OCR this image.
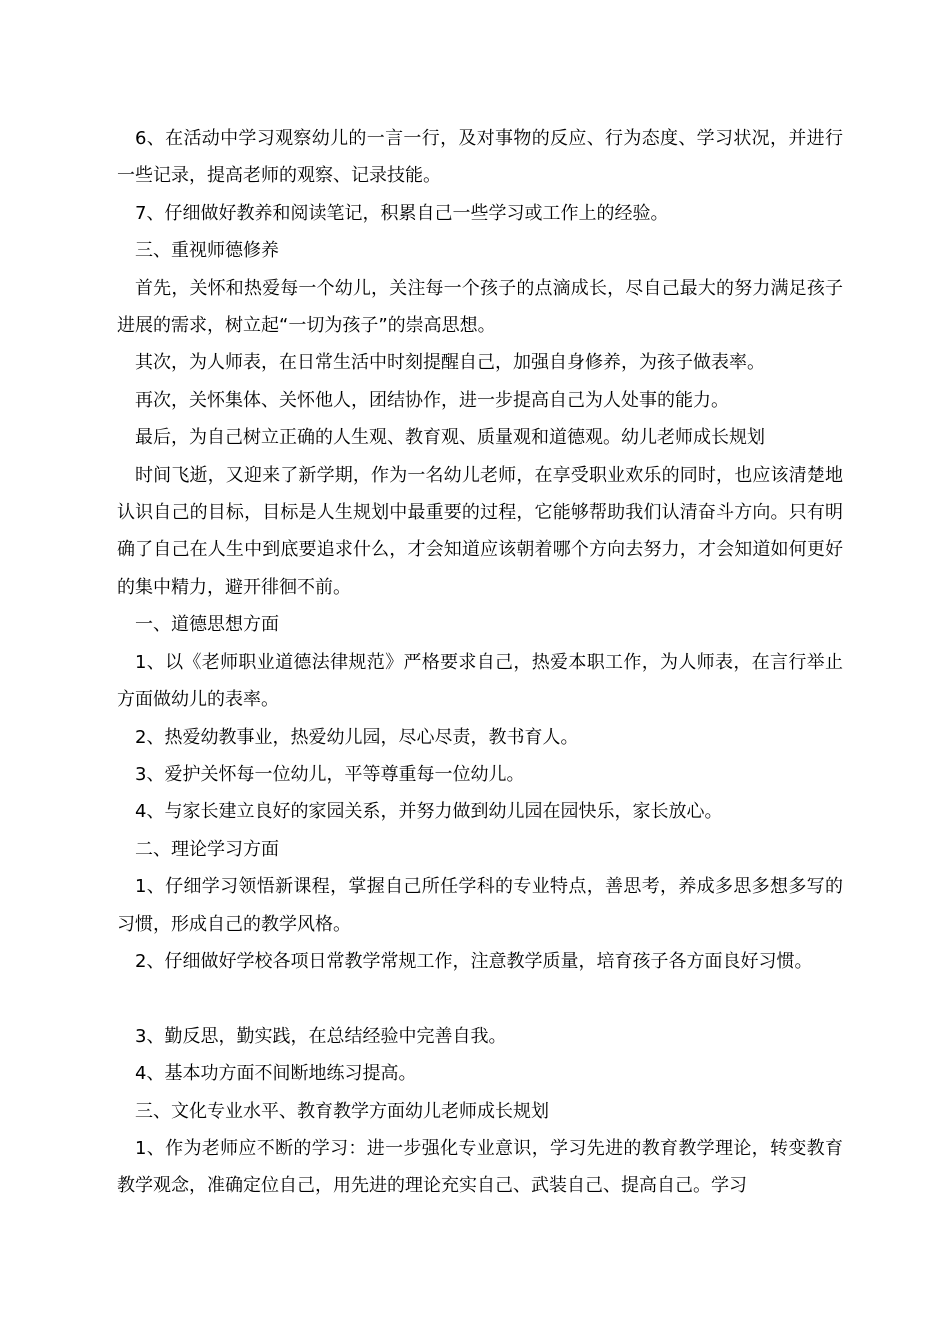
6、在活动中学习观察幼儿的一言一行，及对事物的反应、行为态度、学习状况，并进行一些记录，提高老师的观察、记录技能。

7、仔细做好教养和阅读笔记，积累自己一些学习或工作上的经验。

三、重视师德修养

首先，关怀和热爱每一个幼儿，关注每一个孩子的点滴成长，尽自己最大的努力满足孩子进展的需求，树立起“一切为孩子”的崇高思想。

其次，为人师表，在日常生活中时刻提醒自己，加强自身修养，为孩子做表率。

再次，关怀集体、关怀他人，团结协作，进一步提高自己为人处事的能力。

最后，为自己树立正确的人生观、教育观、质量观和道德观。幼儿老师成长规划

时间飞逝，又迎来了新学期，作为一名幼儿老师，在享受职业欢乐的同时，也应该清楚地认识自己的目标，目标是人生规划中最重要的过程，它能够帮助我们认清奋斗方向。只有明确了自己在人生中到底要追求什么，才会知道应该朝着哪个方向去努力，才会知道如何更好的集中精力，避开徘徊不前。

一、道德思想方面

1、以《老师职业道德法律规范》严格要求自己，热爱本职工作，为人师表，在言行举止方面做幼儿的表率。

2、热爱幼教事业，热爱幼儿园，尽心尽责，教书育人。

3、爱护关怀每一位幼儿，平等尊重每一位幼儿。

4、与家长建立良好的家园关系，并努力做到幼儿园在园快乐，家长放心。

二、理论学习方面

1、仔细学习领悟新课程，掌握自己所任学科的专业特点，善思考，养成多思多想多写的习惯，形成自己的教学风格。

2、仔细做好学校各项日常教学常规工作，注意教学质量，培育孩子各方面良好习惯。

3、勤反思，勤实践，在总结经验中完善自我。

4、基本功方面不间断地练习提高。

三、文化专业水平、教育教学方面幼儿老师成长规划

1、作为老师应不断的学习：进一步强化专业意识，学习先进的教育教学理论，转变教育教学观念，准确定位自己，用先进的理论充实自己、武装自己、提高自己。学习
